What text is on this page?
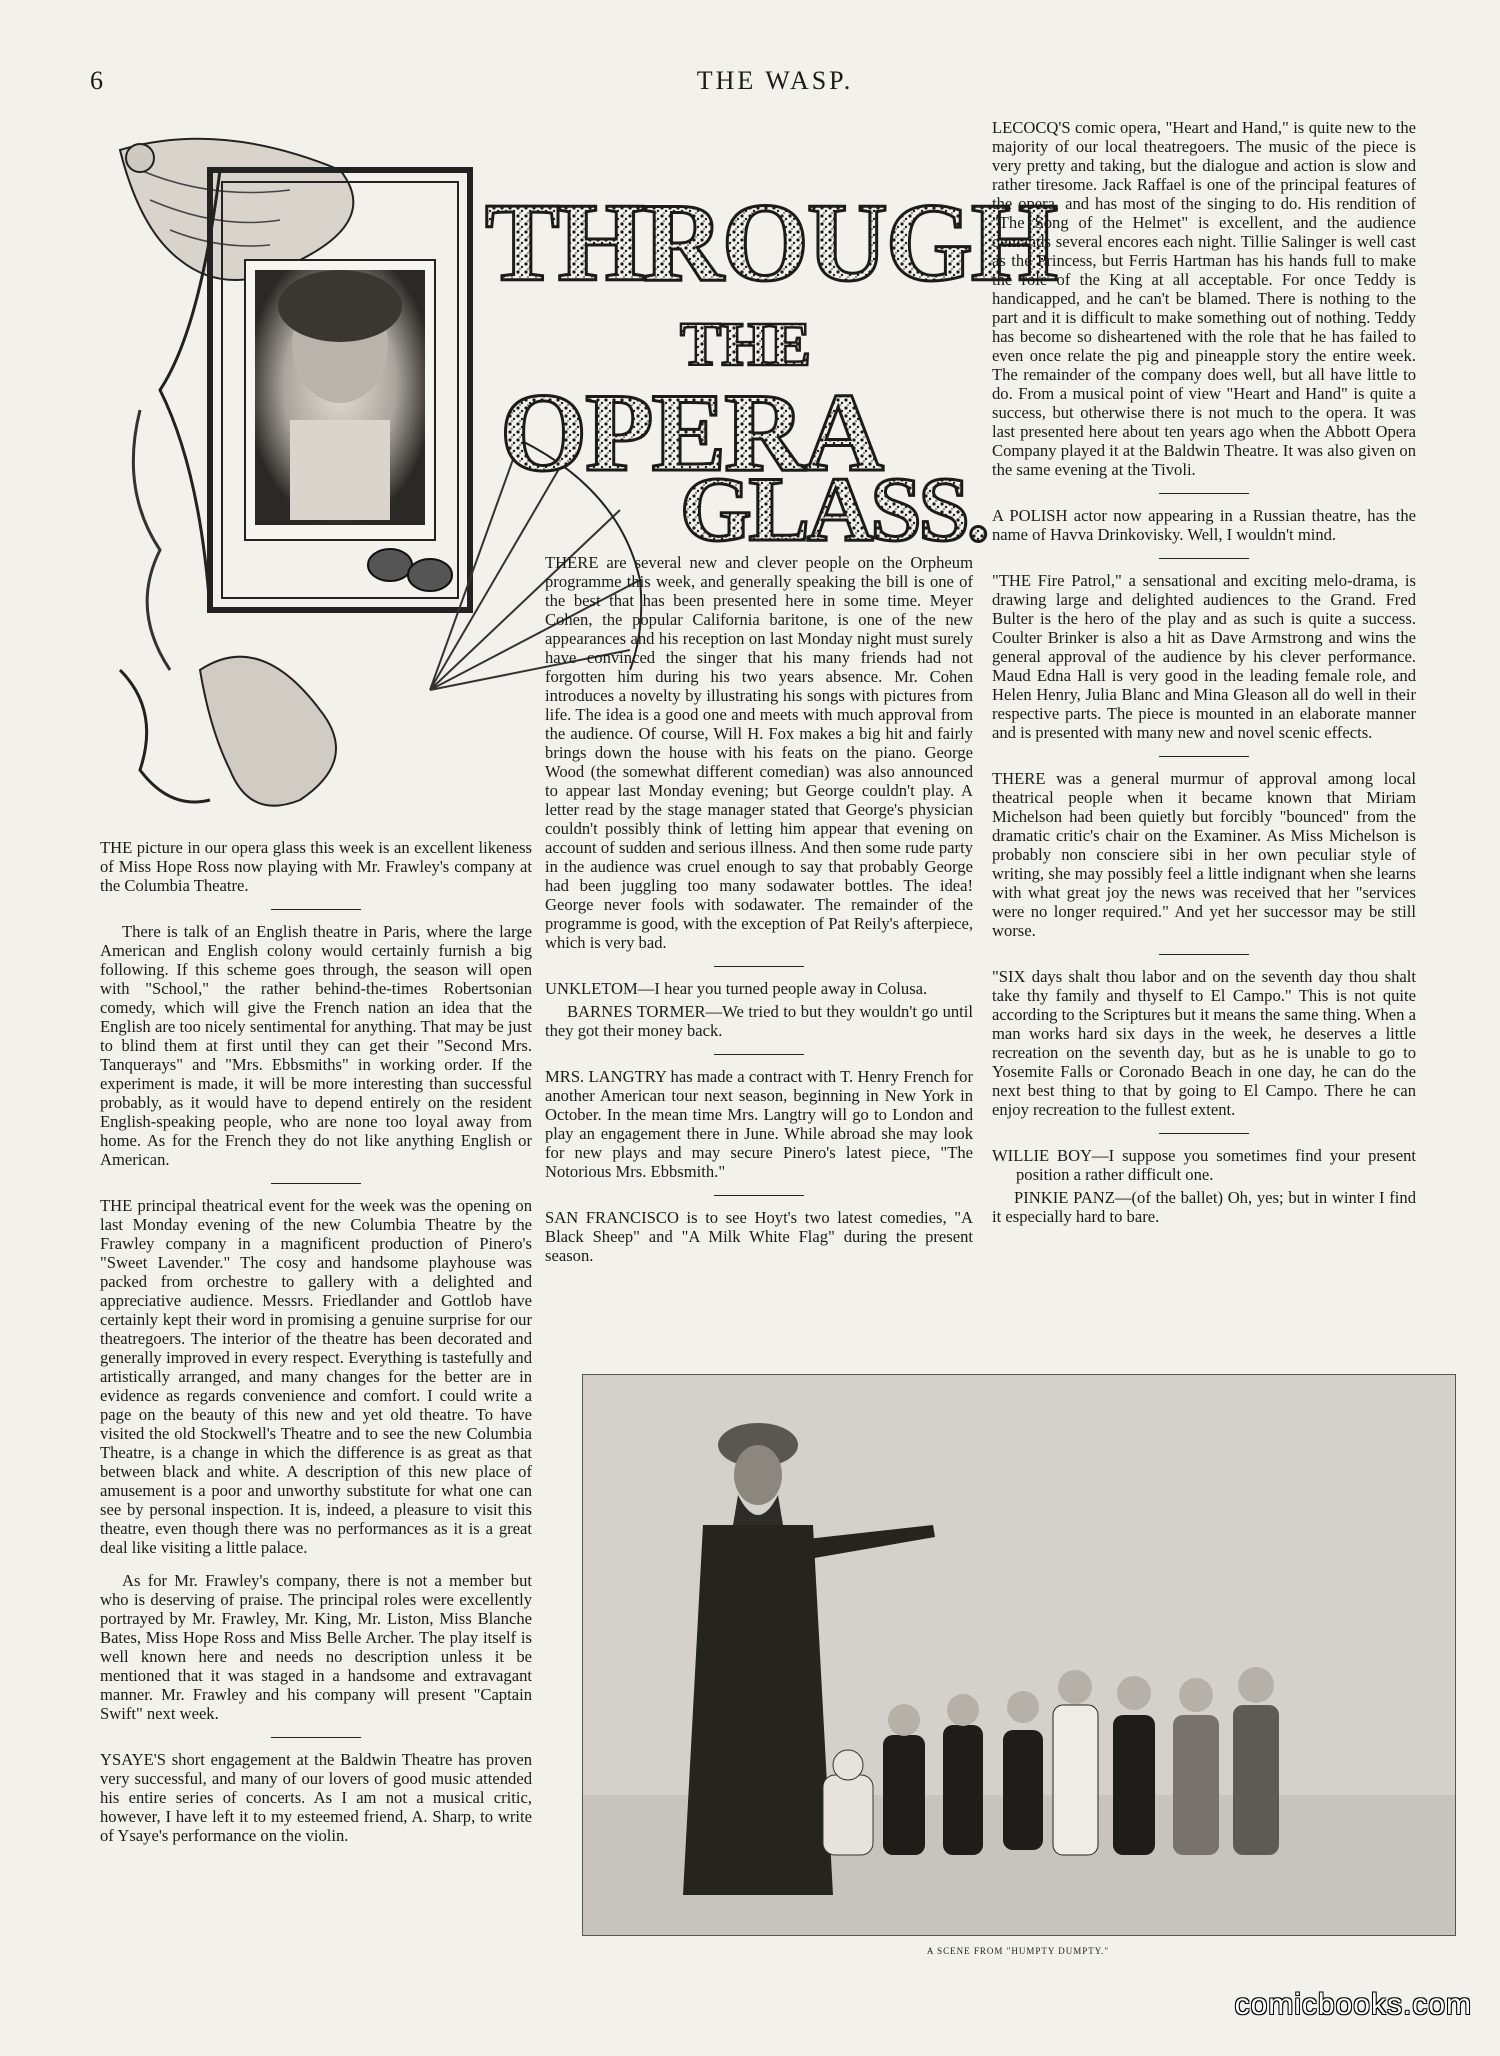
6	THE WASP.
THROUGH
THE
OPERA
GLASS.

THE picture in our opera glass this week is an excellent likeness of Miss Hope Ross now playing with Mr. Frawley's company at the Columbia Theatre.

There is talk of an English theatre in Paris, where the large American and English colony would certainly furnish a big following. If this scheme goes through, the season will open with "School," the rather behind-the-times Robertsonian comedy, which will give the French nation an idea that the English are too nicely sentimental for anything. That may be just to blind them at first until they can get their "Second Mrs. Tanquerays" and "Mrs. Ebbsmiths" in working order. If the experiment is made, it will be more interesting than successful probably, as it would have to depend entirely on the resident English-speaking people, who are none too loyal away from home. As for the French they do not like anything English or American.

THE principal theatrical event for the week was the opening on last Monday evening of the new Columbia Theatre by the Frawley company in a magnificent production of Pinero's "Sweet Lavender." The cosy and handsome playhouse was packed from orchestre to gallery with a delighted and appreciative audience. Messrs. Friedlander and Gottlob have certainly kept their word in promising a genuine surprise for our theatregoers. The interior of the theatre has been decorated and generally improved in every respect. Everything is tastefully and artistically arranged, and many changes for the better are in evidence as regards convenience and comfort. I could write a page on the beauty of this new and yet old theatre. To have visited the old Stockwell's Theatre and to see the new Columbia Theatre, is a change in which the difference is as great as that between black and white. A description of this new place of amusement is a poor and unworthy substitute for what one can see by personal inspection. It is, indeed, a pleasure to visit this theatre, even though there was no performances as it is a great deal like visiting a little palace.

As for Mr. Frawley's company, there is not a member but who is deserving of praise. The principal roles were excellently portrayed by Mr. Frawley, Mr. King, Mr. Liston, Miss Blanche Bates, Miss Hope Ross and Miss Belle Archer. The play itself is well known here and needs no description unless it be mentioned that it was staged in a handsome and extravagant manner. Mr. Frawley and his company will present "Captain Swift" next week.

YSAYE'S short engagement at the Baldwin Theatre has proven very successful, and many of our lovers of good music attended his entire series of concerts. As I am not a musical critic, however, I have left it to my esteemed friend, A. Sharp, to write of Ysaye's performance on the violin.

THERE are several new and clever people on the Orpheum programme this week, and generally speaking the bill is one of the best that has been presented here in some time. Meyer Cohen, the popular California baritone, is one of the new appearances and his reception on last Monday night must surely have convinced the singer that his many friends had not forgotten him during his two years absence. Mr. Cohen introduces a novelty by illustrating his songs with pictures from life. The idea is a good one and meets with much approval from the audience. Of course, Will H. Fox makes a big hit and fairly brings down the house with his feats on the piano. George Wood (the somewhat different comedian) was also announced to appear last Monday evening; but George couldn't play. A letter read by the stage manager stated that George's physician couldn't possibly think of letting him appear that evening on account of sudden and serious illness. And then some rude party in the audience was cruel enough to say that probably George had been juggling too many sodawater bottles. The idea! George never fools with sodawater. The remainder of the programme is good, with the exception of Pat Reily's afterpiece, which is very bad.

UNKLETOM—I hear you turned people away in Colusa.

BARNES TORMER—We tried to but they wouldn't go until they got their money back.

MRS. LANGTRY has made a contract with T. Henry French for another American tour next season, beginning in New York in October. In the mean time Mrs. Langtry will go to London and play an engagement there in June. While abroad she may look for new plays and may secure Pinero's latest piece, "The Notorious Mrs. Ebbsmith."

SAN FRANCISCO is to see Hoyt's two latest comedies, "A Black Sheep" and "A Milk White Flag" during the present season.

LECOCQ'S comic opera, "Heart and Hand," is quite new to the majority of our local theatregoers. The music of the piece is very pretty and taking, but the dialogue and action is slow and rather tiresome. Jack Raffael is one of the principal features of the opera, and has most of the singing to do. His rendition of "The Song of the Helmet" is excellent, and the audience demands several encores each night. Tillie Salinger is well cast as the Princess, but Ferris Hartman has his hands full to make the role of the King at all acceptable. For once Teddy is handicapped, and he can't be blamed. There is nothing to the part and it is difficult to make something out of nothing. Teddy has become so disheartened with the role that he has failed to even once relate the pig and pineapple story the entire week. The remainder of the company does well, but all have little to do. From a musical point of view "Heart and Hand" is quite a success, but otherwise there is not much to the opera. It was last presented here about ten years ago when the Abbott Opera Company played it at the Baldwin Theatre. It was also given on the same evening at the Tivoli.

A POLISH actor now appearing in a Russian theatre, has the name of Havva Drinkovisky. Well, I wouldn't mind.

"THE Fire Patrol," a sensational and exciting melo-drama, is drawing large and delighted audiences to the Grand. Fred Bulter is the hero of the play and as such is quite a success. Coulter Brinker is also a hit as Dave Armstrong and wins the general approval of the audience by his clever performance. Maud Edna Hall is very good in the leading female role, and Helen Henry, Julia Blanc and Mina Gleason all do well in their respective parts. The piece is mounted in an elaborate manner and is presented with many new and novel scenic effects.

THERE was a general murmur of approval among local theatrical people when it became known that Miriam Michelson had been quietly but forcibly "bounced" from the dramatic critic's chair on the Examiner. As Miss Michelson is probably non consciere sibi in her own peculiar style of writing, she may possibly feel a little indignant when she learns with what great joy the news was received that her "services were no longer required." And yet her successor may be still worse.

"SIX days shalt thou labor and on the seventh day thou shalt take thy family and thyself to El Campo." This is not quite according to the Scriptures but it means the same thing. When a man works hard six days in the week, he deserves a little recreation on the seventh day, but as he is unable to go to Yosemite Falls or Coronado Beach in one day, he can do the next best thing to that by going to El Campo. There he can enjoy recreation to the fullest extent.

WILLIE BOY—I suppose you sometimes find your present position a rather difficult one.

PINKIE PANZ—(of the ballet) Oh, yes; but in winter I find it especially hard to bare.

A SCENE FROM "HUMPTY DUMPTY."
comicbooks.com
